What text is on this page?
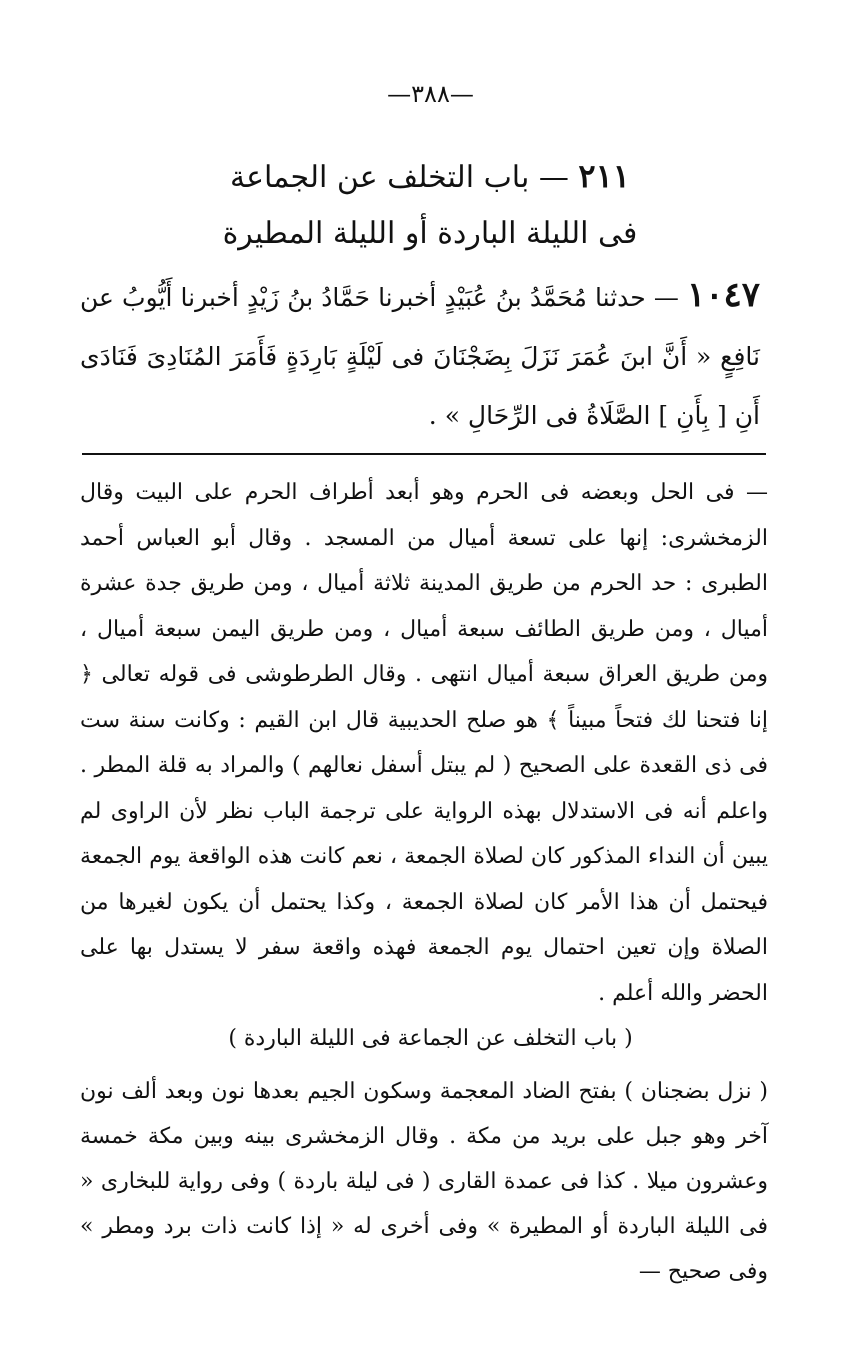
—٣٨٨—
٢١١ — باب التخلف عن الجماعة
فى الليلة الباردة أو الليلة المطيرة
١٠٤٧ — حدثنا مُحَمَّدُ بنُ عُبَيْدٍ أخبرنا حَمَّادُ بنُ زَيْدٍ أخبرنا أَيُّوبُ عن نَافِعٍ « أَنَّ ابنَ عُمَرَ نَزَلَ بِضَجْنَانَ فى لَيْلَةٍ بَارِدَةٍ فَأَمَرَ المُنَادِىَ فَنَادَى أَنِ [ بِأَنِ ] الصَّلَاةُ فى الرِّحَالِ » .

— فى الحل وبعضه فى الحرم وهو أبعد أطراف الحرم على البيت وقال الزمخشرى: إنها على تسعة أميال من المسجد . وقال أبو العباس أحمد الطبرى : حد الحرم من طريق المدينة ثلاثة أميال ، ومن طريق جدة عشرة أميال ، ومن طريق الطائف سبعة أميال ، ومن طريق اليمن سبعة أميال ، ومن طريق العراق سبعة أميال انتهى . وقال الطرطوشى فى قوله تعالى ﴿ إنا فتحنا لك فتحاً مبيناً ﴾ هو صلح الحديبية قال ابن القيم : وكانت سنة ست فى ذى القعدة على الصحيح ( لم يبتل أسفل نعالهم ) والمراد به قلة المطر . واعلم أنه فى الاستدلال بهذه الرواية على ترجمة الباب نظر لأن الراوى لم يبين أن النداء المذكور كان لصلاة الجمعة ، نعم كانت هذه الواقعة يوم الجمعة فيحتمل أن هذا الأمر كان لصلاة الجمعة ، وكذا يحتمل أن يكون لغيرها من الصلاة وإن تعين احتمال يوم الجمعة فهذه واقعة سفر لا يستدل بها على الحضر والله أعلم .

( باب التخلف عن الجماعة فى الليلة الباردة )

( نزل بضجنان ) بفتح الضاد المعجمة وسكون الجيم بعدها نون وبعد ألف نون آخر وهو جبل على بريد من مكة . وقال الزمخشرى بينه وبين مكة خمسة وعشرون ميلا . كذا فى عمدة القارى ( فى ليلة باردة ) وفى رواية للبخارى « فى الليلة الباردة أو المطيرة » وفى أخرى له « إذا كانت ذات برد ومطر » وفى صحيح —
